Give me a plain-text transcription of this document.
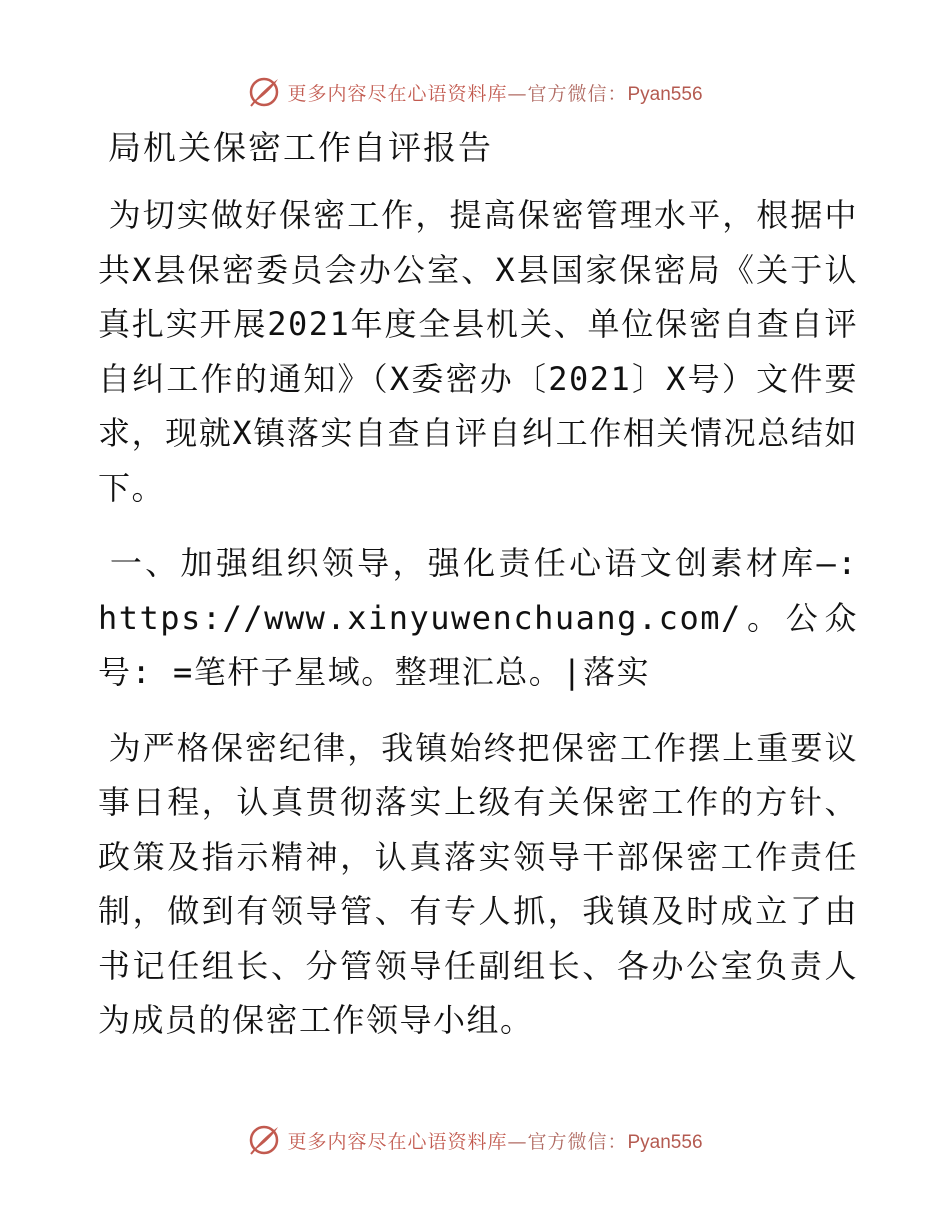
更多内容尽在心语资料库—官方微信：Pyan556
局机关保密工作自评报告

为切实做好保密工作，提高保密管理水平，根据中共X县保密委员会办公室、X县国家保密局《关于认真扎实开展2021年度全县机关、单位保密自查自评自纠工作的通知》（X委密办〔2021〕X号）文件要求，现就X镇落实自查自评自纠工作相关情况总结如下。

一、加强组织领导，强化责任心语文创素材库—: https://www.xinyuwenchuang.com/。公众号: =笔杆子星域。整理汇总。|落实

为严格保密纪律，我镇始终把保密工作摆上重要议事日程，认真贯彻落实上级有关保密工作的方针、政策及指示精神，认真落实领导干部保密工作责任制，做到有领导管、有专人抓，我镇及时成立了由书记任组长、分管领导任副组长、各办公室负责人为成员的保密工作领导小组。

更多内容尽在心语资料库—官方微信：Pyan556
